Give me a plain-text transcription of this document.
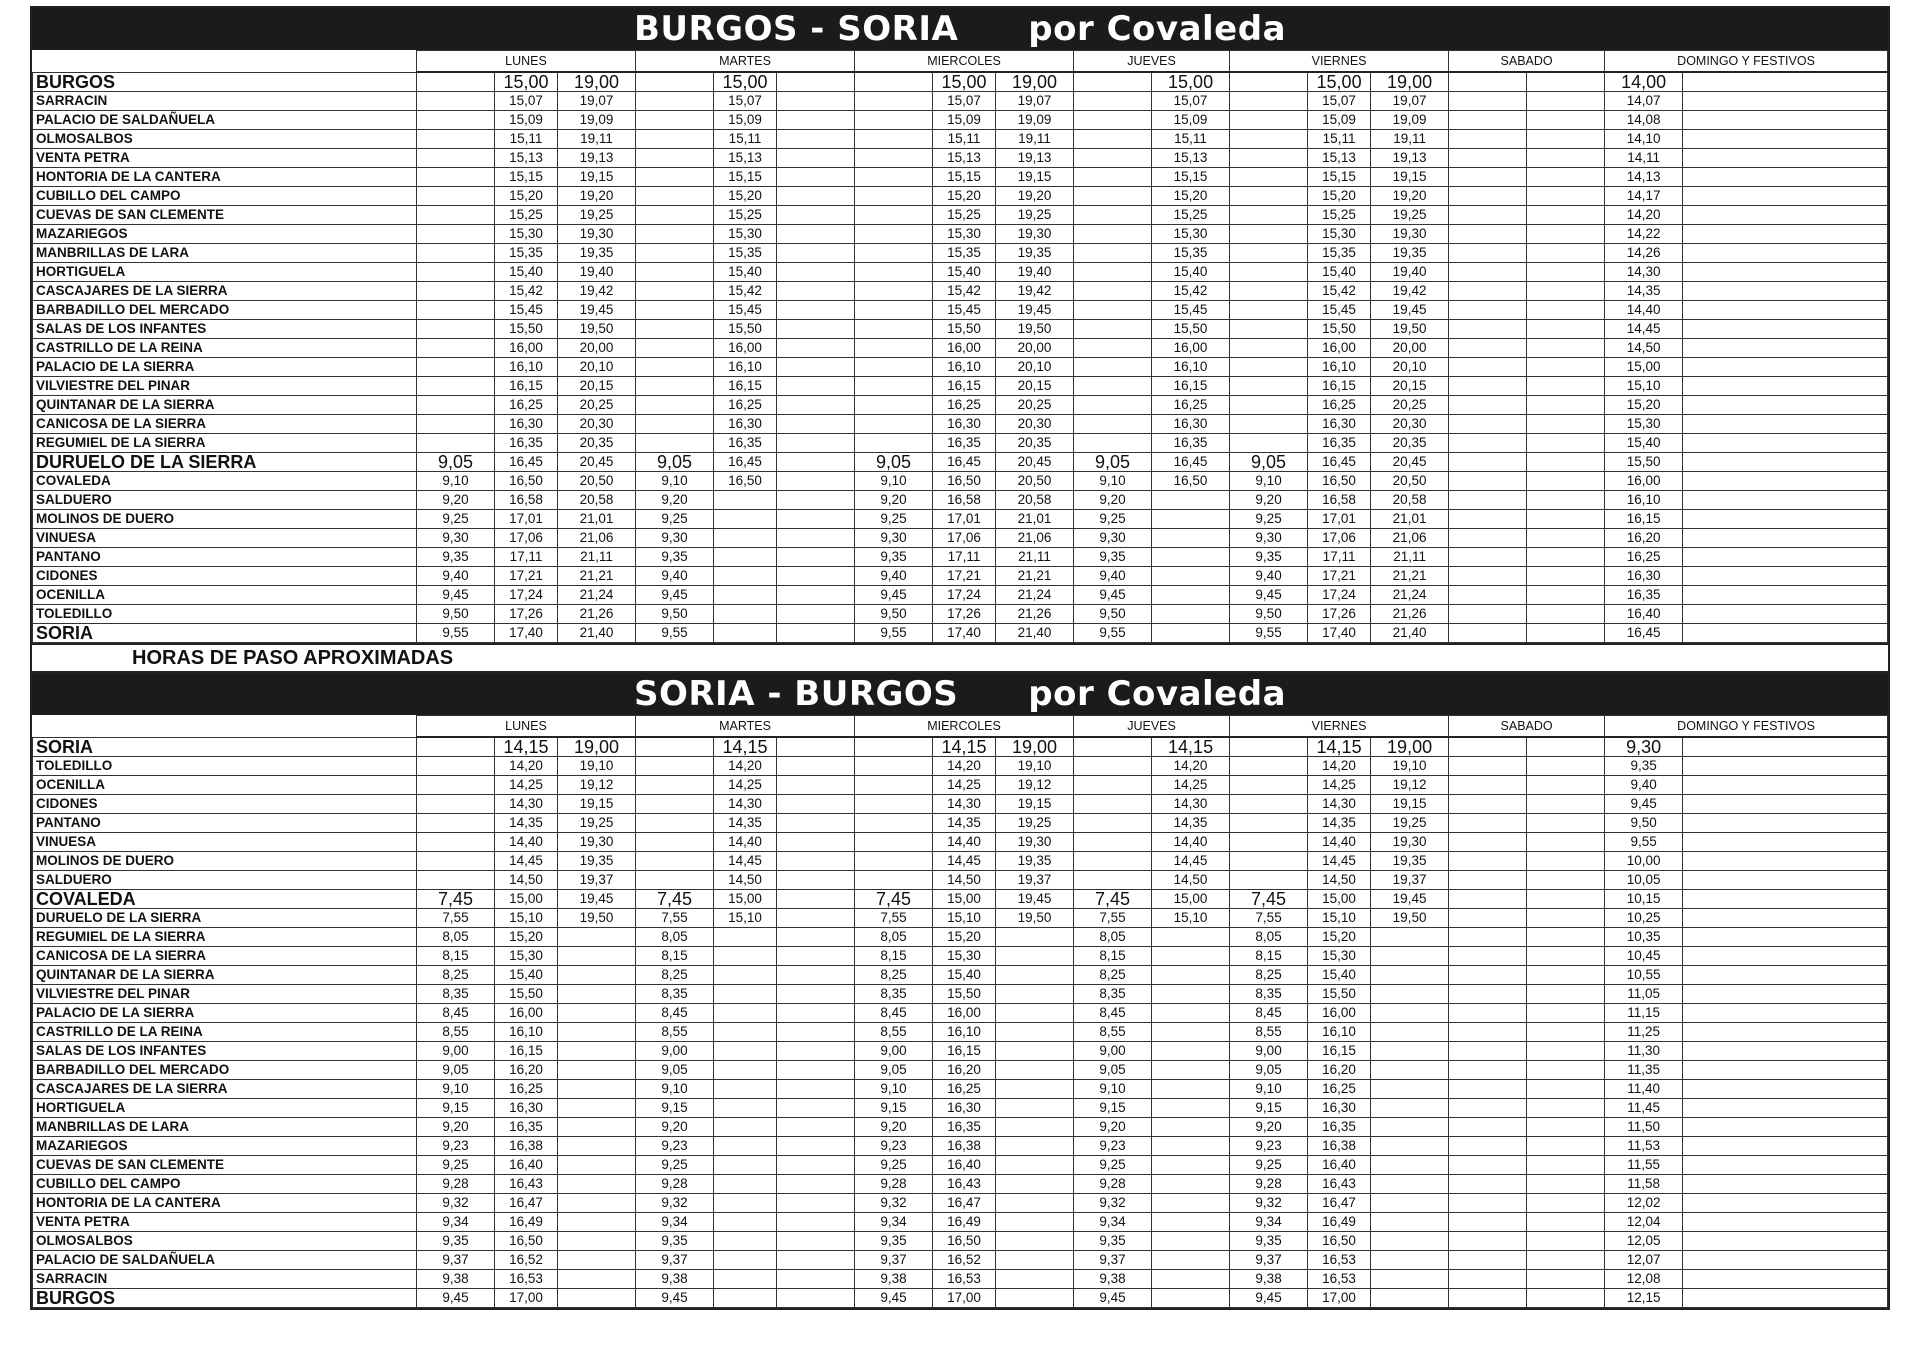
BURGOS - SORIA por Covaleda
	LUNES			MARTES			MIERCOLES			JUEVES		VIERNES			SABADO		DOMINGO Y FESTIVOS	
BURGOS		15,00	19,00		15,00			15,00	19,00		15,00		15,00	19,00			14,00	
SARRACIN		15,07	19,07		15,07			15,07	19,07		15,07		15,07	19,07			14,07	
PALACIO DE SALDAÑUELA		15,09	19,09		15,09			15,09	19,09		15,09		15,09	19,09			14,08	
OLMOSALBOS		15,11	19,11		15,11			15,11	19,11		15,11		15,11	19,11			14,10	
VENTA PETRA		15,13	19,13		15,13			15,13	19,13		15,13		15,13	19,13			14,11	
HONTORIA DE LA CANTERA		15,15	19,15		15,15			15,15	19,15		15,15		15,15	19,15			14,13	
CUBILLO DEL CAMPO		15,20	19,20		15,20			15,20	19,20		15,20		15,20	19,20			14,17	
CUEVAS DE SAN CLEMENTE		15,25	19,25		15,25			15,25	19,25		15,25		15,25	19,25			14,20	
MAZARIEGOS		15,30	19,30		15,30			15,30	19,30		15,30		15,30	19,30			14,22	
MANBRILLAS DE LARA		15,35	19,35		15,35			15,35	19,35		15,35		15,35	19,35			14,26	
HORTIGUELA		15,40	19,40		15,40			15,40	19,40		15,40		15,40	19,40			14,30	
CASCAJARES DE LA SIERRA		15,42	19,42		15,42			15,42	19,42		15,42		15,42	19,42			14,35	
BARBADILLO DEL MERCADO		15,45	19,45		15,45			15,45	19,45		15,45		15,45	19,45			14,40	
SALAS DE LOS INFANTES		15,50	19,50		15,50			15,50	19,50		15,50		15,50	19,50			14,45	
CASTRILLO DE LA REINA		16,00	20,00		16,00			16,00	20,00		16,00		16,00	20,00			14,50	
PALACIO DE LA SIERRA		16,10	20,10		16,10			16,10	20,10		16,10		16,10	20,10			15,00	
VILVIESTRE DEL PINAR		16,15	20,15		16,15			16,15	20,15		16,15		16,15	20,15			15,10	
QUINTANAR DE LA SIERRA		16,25	20,25		16,25			16,25	20,25		16,25		16,25	20,25			15,20	
CANICOSA DE LA SIERRA		16,30	20,30		16,30			16,30	20,30		16,30		16,30	20,30			15,30	
REGUMIEL DE LA SIERRA		16,35	20,35		16,35			16,35	20,35		16,35		16,35	20,35			15,40	
DURUELO DE LA SIERRA	9,05	16,45	20,45	9,05	16,45		9,05	16,45	20,45	9,05	16,45	9,05	16,45	20,45			15,50	
COVALEDA	9,10	16,50	20,50	9,10	16,50		9,10	16,50	20,50	9,10	16,50	9,10	16,50	20,50			16,00	
SALDUERO	9,20	16,58	20,58	9,20			9,20	16,58	20,58	9,20		9,20	16,58	20,58			16,10	
MOLINOS DE DUERO	9,25	17,01	21,01	9,25			9,25	17,01	21,01	9,25		9,25	17,01	21,01			16,15	
VINUESA	9,30	17,06	21,06	9,30			9,30	17,06	21,06	9,30		9,30	17,06	21,06			16,20	
PANTANO	9,35	17,11	21,11	9,35			9,35	17,11	21,11	9,35		9,35	17,11	21,11			16,25	
CIDONES	9,40	17,21	21,21	9,40			9,40	17,21	21,21	9,40		9,40	17,21	21,21			16,30	
OCENILLA	9,45	17,24	21,24	9,45			9,45	17,24	21,24	9,45		9,45	17,24	21,24			16,35	
TOLEDILLO	9,50	17,26	21,26	9,50			9,50	17,26	21,26	9,50		9,50	17,26	21,26			16,40	
SORIA	9,55	17,40	21,40	9,55			9,55	17,40	21,40	9,55		9,55	17,40	21,40			16,45	
HORAS DE PASO APROXIMADAS
SORIA - BURGOS por Covaleda
	LUNES			MARTES			MIERCOLES			JUEVES		VIERNES			SABADO		DOMINGO Y FESTIVOS	
SORIA		14,15	19,00		14,15			14,15	19,00		14,15		14,15	19,00			9,30	
TOLEDILLO		14,20	19,10		14,20			14,20	19,10		14,20		14,20	19,10			9,35	
OCENILLA		14,25	19,12		14,25			14,25	19,12		14,25		14,25	19,12			9,40	
CIDONES		14,30	19,15		14,30			14,30	19,15		14,30		14,30	19,15			9,45	
PANTANO		14,35	19,25		14,35			14,35	19,25		14,35		14,35	19,25			9,50	
VINUESA		14,40	19,30		14,40			14,40	19,30		14,40		14,40	19,30			9,55	
MOLINOS DE DUERO		14,45	19,35		14,45			14,45	19,35		14,45		14,45	19,35			10,00	
SALDUERO		14,50	19,37		14,50			14,50	19,37		14,50		14,50	19,37			10,05	
COVALEDA	7,45	15,00	19,45	7,45	15,00		7,45	15,00	19,45	7,45	15,00	7,45	15,00	19,45			10,15	
DURUELO DE LA SIERRA	7,55	15,10	19,50	7,55	15,10		7,55	15,10	19,50	7,55	15,10	7,55	15,10	19,50			10,25	
REGUMIEL DE LA SIERRA	8,05	15,20		8,05			8,05	15,20		8,05		8,05	15,20				10,35	
CANICOSA DE LA SIERRA	8,15	15,30		8,15			8,15	15,30		8,15		8,15	15,30				10,45	
QUINTANAR DE LA SIERRA	8,25	15,40		8,25			8,25	15,40		8,25		8,25	15,40				10,55	
VILVIESTRE DEL PINAR	8,35	15,50		8,35			8,35	15,50		8,35		8,35	15,50				11,05	
PALACIO DE LA SIERRA	8,45	16,00		8,45			8,45	16,00		8,45		8,45	16,00				11,15	
CASTRILLO DE LA REINA	8,55	16,10		8,55			8,55	16,10		8,55		8,55	16,10				11,25	
SALAS DE LOS INFANTES	9,00	16,15		9,00			9,00	16,15		9,00		9,00	16,15				11,30	
BARBADILLO DEL MERCADO	9,05	16,20		9,05			9,05	16,20		9,05		9,05	16,20				11,35	
CASCAJARES DE LA SIERRA	9,10	16,25		9,10			9,10	16,25		9,10		9,10	16,25				11,40	
HORTIGUELA	9,15	16,30		9,15			9,15	16,30		9,15		9,15	16,30				11,45	
MANBRILLAS DE LARA	9,20	16,35		9,20			9,20	16,35		9,20		9,20	16,35				11,50	
MAZARIEGOS	9,23	16,38		9,23			9,23	16,38		9,23		9,23	16,38				11,53	
CUEVAS DE SAN CLEMENTE	9,25	16,40		9,25			9,25	16,40		9,25		9,25	16,40				11,55	
CUBILLO DEL CAMPO	9,28	16,43		9,28			9,28	16,43		9,28		9,28	16,43				11,58	
HONTORIA DE LA CANTERA	9,32	16,47		9,32			9,32	16,47		9,32		9,32	16,47				12,02	
VENTA PETRA	9,34	16,49		9,34			9,34	16,49		9,34		9,34	16,49				12,04	
OLMOSALBOS	9,35	16,50		9,35			9,35	16,50		9,35		9,35	16,50				12,05	
PALACIO DE SALDAÑUELA	9,37	16,52		9,37			9,37	16,52		9,37		9,37	16,53				12,07	
SARRACIN	9,38	16,53		9,38			9,38	16,53		9,38		9,38	16,53				12,08	
BURGOS	9,45	17,00		9,45			9,45	17,00		9,45		9,45	17,00				12,15	
